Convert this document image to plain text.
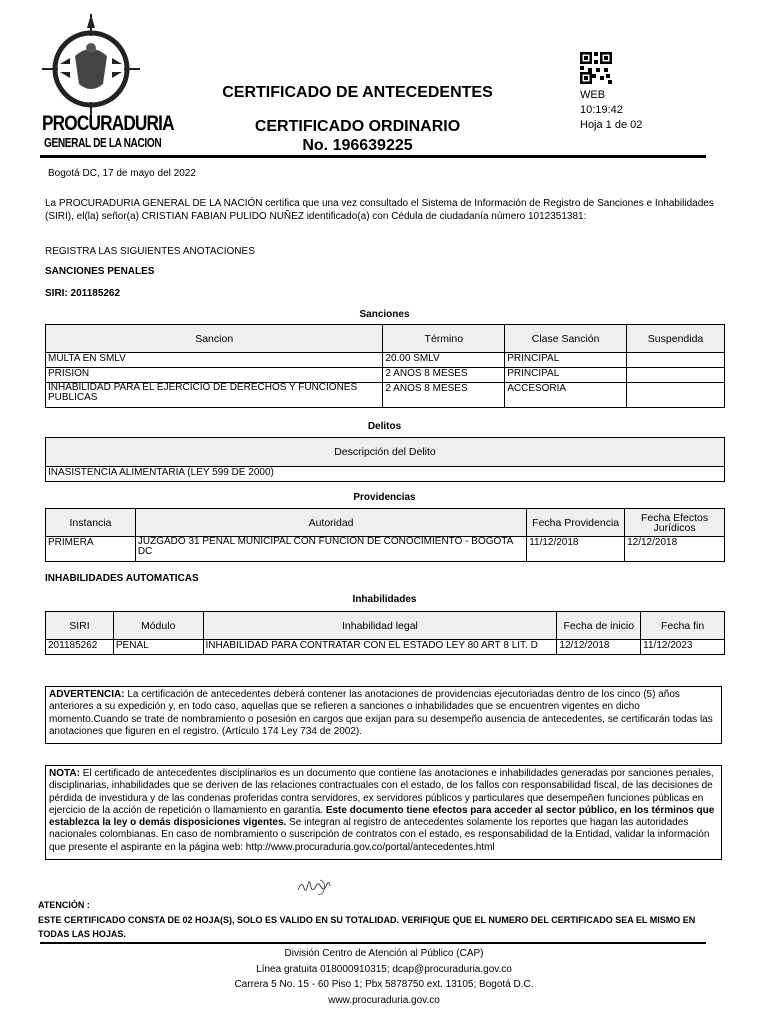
PROCURADURIA
GENERAL DE LA NACION
CERTIFICADO DE ANTECEDENTES
CERTIFICADO ORDINARIO
No. 196639225
WEB
10:19:42
Hoja 1 de 02
Bogotá DC, 17 de mayo del 2022
La PROCURADURIA GENERAL DE LA NACIÓN certifica que una vez consultado el Sistema de Información de Registro de Sanciones e Inhabilidades (SIRI), el(la) señor(a) CRISTIAN FABIAN PULIDO NUÑEZ identificado(a) con Cédula de ciudadanía número 1012351381:
REGISTRA LAS SIGUIENTES ANOTACIONES
SANCIONES PENALES
SIRI: 201185262
Sanciones
Sancion	Término	Clase Sanción	Suspendida
MULTA EN SMLV	20.00 SMLV	PRINCIPAL	
PRISION	2 AÑOS 8 MESES	PRINCIPAL	
INHABILIDAD PARA EL EJERCICIO DE DERECHOS Y FUNCIONES PUBLICAS	2 AÑOS 8 MESES	ACCESORIA	
Delitos
Descripción del Delito
INASISTENCIA ALIMENTARIA (LEY 599 DE 2000)
Providencias
Instancia	Autoridad	Fecha Providencia	Fecha Efectos Jurídicos
PRIMERA	JUZGADO 31 PENAL MUNICIPAL CON FUNCION DE CONOCIMIENTO - BOGOTA DC	11/12/2018	12/12/2018
INHABILIDADES AUTOMATICAS
Inhabilidades
SIRI	Módulo	Inhabilidad legal	Fecha de inicio	Fecha fin
201185262	PENAL	INHABILIDAD PARA CONTRATAR CON EL ESTADO LEY 80 ART 8 LIT. D	12/12/2018	11/12/2023
ADVERTENCIA: La certificación de antecedentes deberá contener las anotaciones de providencias ejecutoriadas dentro de los cinco (5) años anteriores a su expedición y, en todo caso, aquellas que se refieren a sanciones o inhabilidades que se encuentren vigentes en dicho momento.Cuando se trate de nombramiento o posesión en cargos que exijan para su desempeño ausencia de antecedentes, se certificarán todas las anotaciones que figuren en el registro. (Artículo 174 Ley 734 de 2002).
NOTA: El certificado de antecedentes disciplinarios es un documento que contiene las anotaciones e inhabilidades generadas por sanciones penales, disciplinarias, inhabilidades que se deriven de las relaciones contractuales con el estado, de los fallos con responsabilidad fiscal, de las decisiones de pérdida de investidura y de las condenas proferidas contra servidores, ex servidores públicos y particulares que desempeñen funciones públicas en ejercicio de la acción de repetición o llamamiento en garantía. Este documento tiene efectos para acceder al sector público, en los términos que establezca la ley o demás disposiciones vigentes. Se integran al registro de antecedentes solamente los reportes que hagan las autoridades nacionales colombianas. En caso de nombramiento o suscripción de contratos con el estado, es responsabilidad de la Entidad, validar la información que presente el aspirante en la página web: http://www.procuraduria.gov.co/portal/antecedentes.html
ATENCIÓN :
ESTE CERTIFICADO CONSTA DE 02 HOJA(S), SOLO ES VALIDO EN SU TOTALIDAD. VERIFIQUE QUE EL NUMERO DEL CERTIFICADO SEA EL MISMO EN TODAS LAS HOJAS.
División Centro de Atención al Público (CAP)
Línea gratuita 018000910315; dcap@procuraduria.gov.co
Carrera 5 No. 15 - 60 Piso 1; Pbx 5878750 ext. 13105; Bogotá D.C.
www.procuraduria.gov.co
